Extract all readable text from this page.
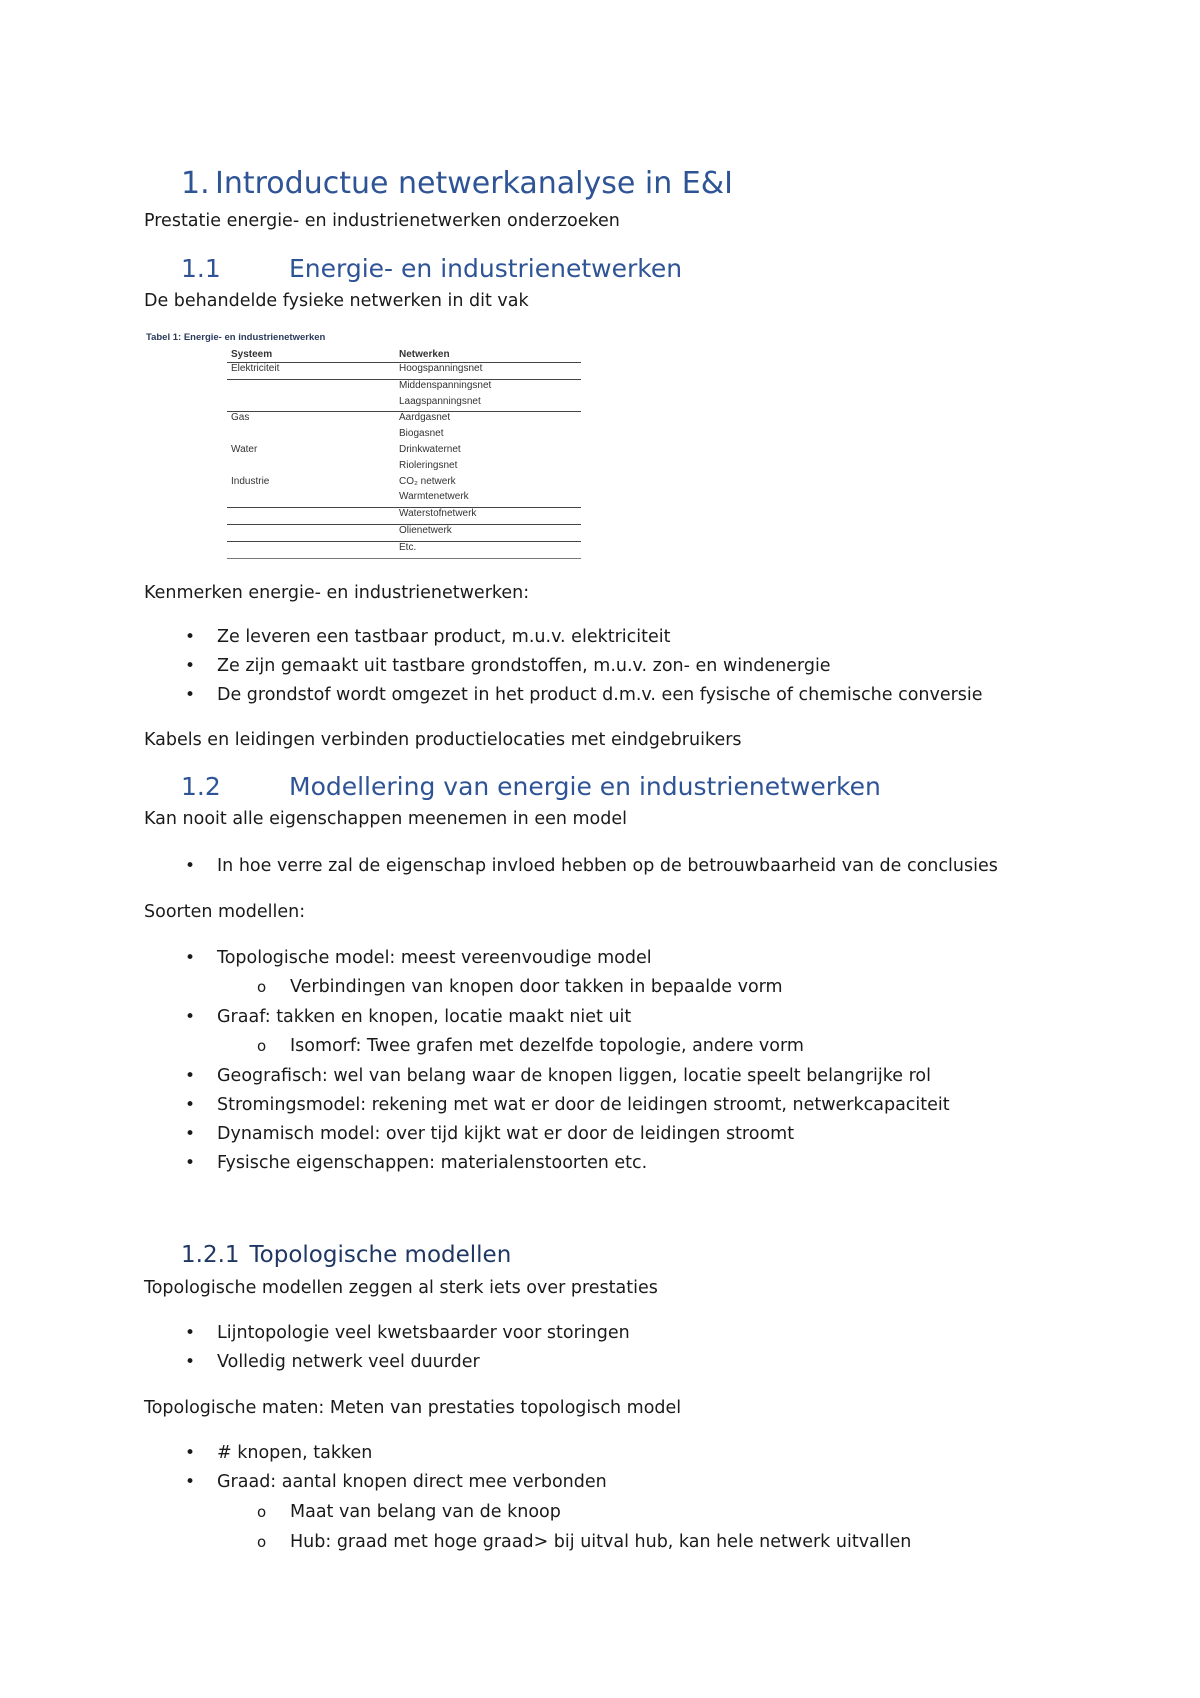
1. Introductue netwerkanalyse in E&I
Prestatie energie- en industrienetwerken onderzoeken
1.1	Energie- en industrienetwerken
De behandelde fysieke netwerken in dit vak
Tabel 1: Energie- en industrienetwerken
Systeem	Netwerken
Elektriciteit	Hoogspanningsnet
	Middenspanningsnet
	Laagspanningsnet
Gas	Aardgasnet
	Biogasnet
Water	Drinkwaternet
	Rioleringsnet
Industrie	CO₂ netwerk
	Warmtenetwerk
	Waterstofnetwerk
	Olienetwerk
	Etc.
Kenmerken energie- en industrienetwerken:
• Ze leveren een tastbaar product, m.u.v. elektriciteit
• Ze zijn gemaakt uit tastbare grondstoffen, m.u.v. zon- en windenergie
• De grondstof wordt omgezet in het product d.m.v. een fysische of chemische conversie
Kabels en leidingen verbinden productielocaties met eindgebruikers
1.2	Modellering van energie en industrienetwerken
Kan nooit alle eigenschappen meenemen in een model
• In hoe verre zal de eigenschap invloed hebben op de betrouwbaarheid van de conclusies
Soorten modellen:
• Topologische model: meest vereenvoudige model
o Verbindingen van knopen door takken in bepaalde vorm
• Graaf: takken en knopen, locatie maakt niet uit
o Isomorf: Twee grafen met dezelfde topologie, andere vorm
• Geografisch: wel van belang waar de knopen liggen, locatie speelt belangrijke rol
• Stromingsmodel: rekening met wat er door de leidingen stroomt, netwerkcapaciteit
• Dynamisch model: over tijd kijkt wat er door de leidingen stroomt
• Fysische eigenschappen: materialenstoorten etc.
1.2.1 Topologische modellen
Topologische modellen zeggen al sterk iets over prestaties
• Lijntopologie veel kwetsbaarder voor storingen
• Volledig netwerk veel duurder
Topologische maten: Meten van prestaties topologisch model
• # knopen, takken
• Graad: aantal knopen direct mee verbonden
o Maat van belang van de knoop
o Hub: graad met hoge graad> bij uitval hub, kan hele netwerk uitvallen
